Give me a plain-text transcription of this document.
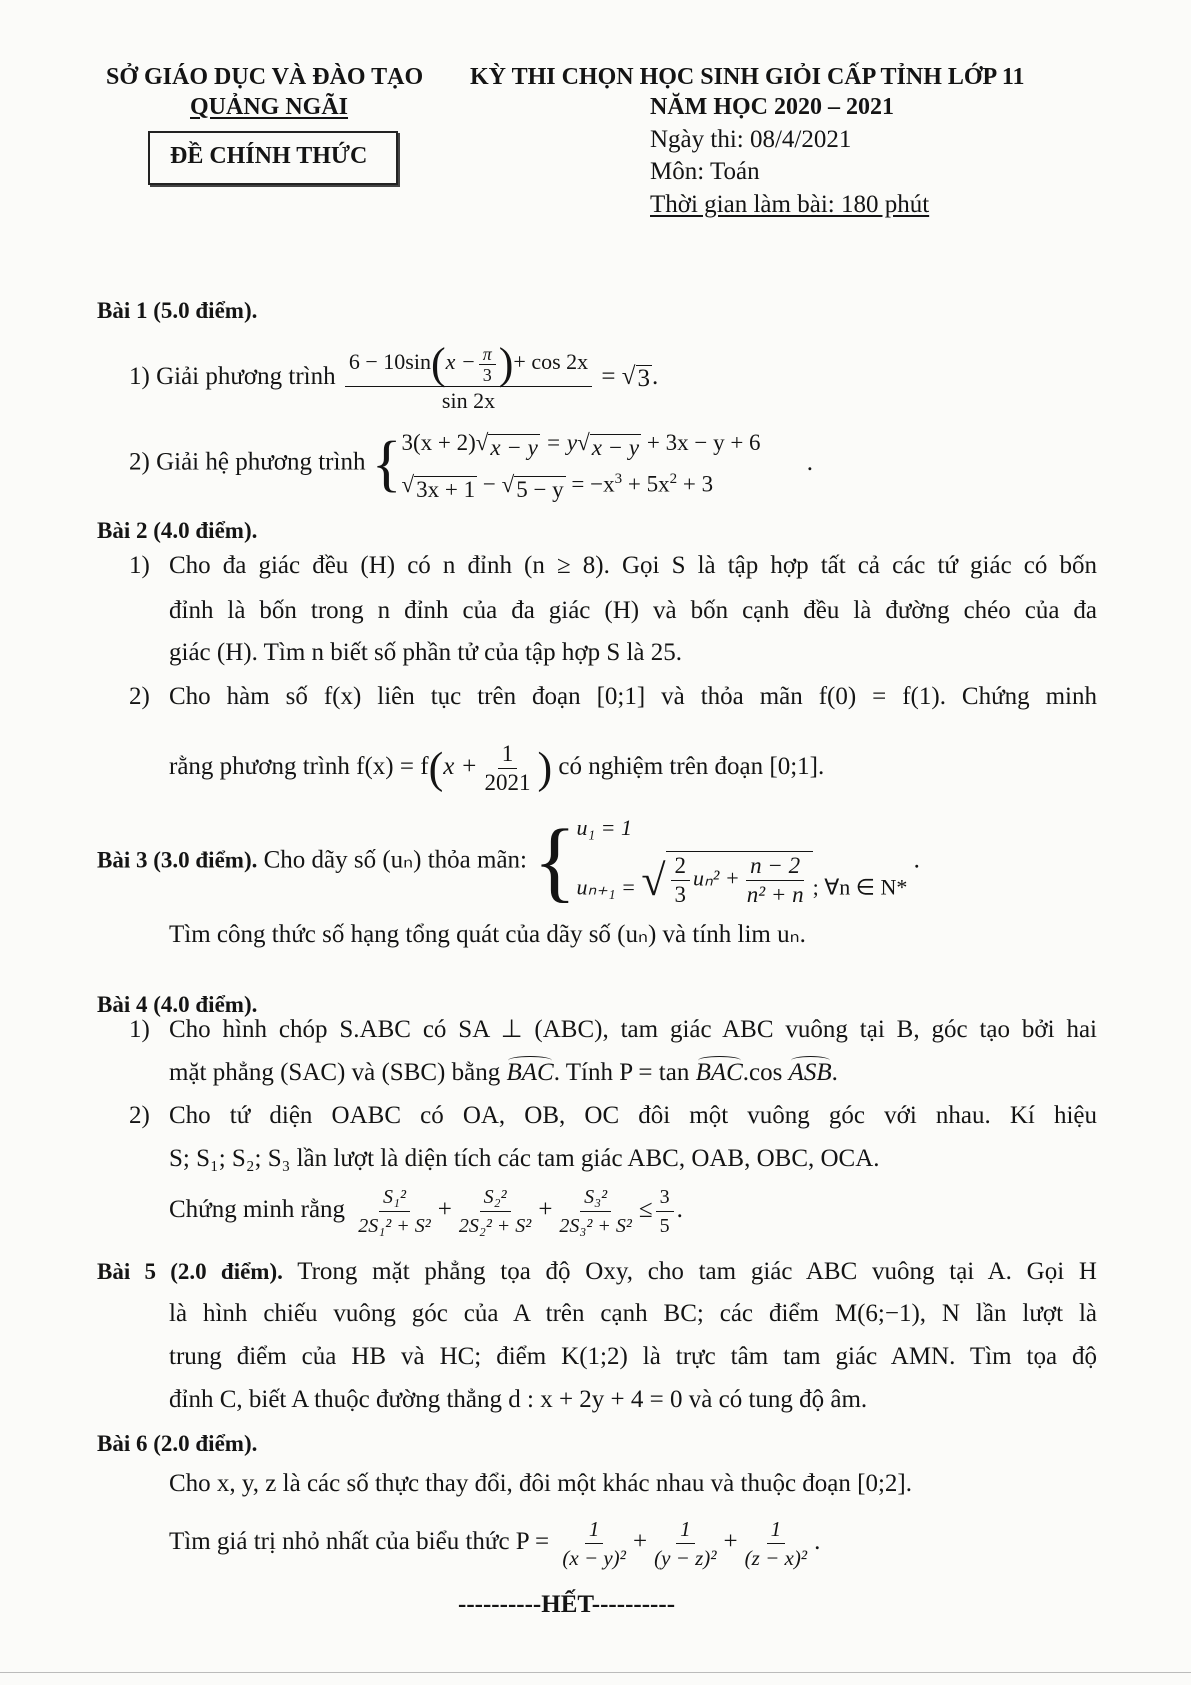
SỞ GIÁO DỤC VÀ ĐÀO TẠO
QUẢNG NGÃI
ĐỀ CHÍNH THỨC
KỲ THI CHỌN HỌC SINH GIỎI CẤP TỈNH LỚP 11
NĂM HỌC 2020 – 2021
Ngày thi: 08/4/2021
Môn: Toán
Thời gian làm bài: 180 phút
Bài 1 (5.0 điểm).
1) Giải phương trình $\frac{6 - 10\sin(x - \frac{\pi}{3} )+ \cos 2x}{\sin 2x}$ = √ 3 .
2) Giải hệ phương trình { 3(x + 2)√ x − y = y√ x − y + 3x − y + 6
√ 3x + 1 − √ $5 - y = -x^3 + 5x^2 + 3$
.
Bài 2 (4.0 điểm).
1) Cho đa giác đều (H) có n đỉnh (n ≥ 8). Gọi S là tập hợp tất cả các tứ giác có bốn
đỉnh là bốn trong n đỉnh của đa giác (H) và bốn cạnh đều là đường chéo của đa
giác (H). Tìm n biết số phần tử của tập hợp S là 25.
2) Cho hàm số f(x) liên tục trên đoạn [0;1] và thỏa mãn f(0) = f(1). Chứng minh
rằng phương trình $f(x) = f(x + \frac{1}{2021}$ ) có nghiệm trên đoạn [0;1].
Bài 3 (3.0 điểm). Cho dãy số (uₙ) thỏa mãn: { u₁ = 1
uₙ₊₁ = √ $\frac{2}{3} u_n^2 + \frac{n - 2}{\text{n² + n}}$ ; ∀n ∈ N*
.
Tìm công thức số hạng tổng quát của dãy số (uₙ) và tính lim uₙ.
Bài 4 (4.0 điểm).
1) Cho hình chóp S.ABC có SA ⊥ (ABC), tam giác ABC vuông tại B, góc tạo bởi hai
mặt phẳng (SAC) và (SBC) bằng BAC. Tính P = tan BAC.cos ASB.
2) Cho tứ diện OABC có OA, OB, OC đôi một vuông góc với nhau. Kí hiệu
S; S₁; S₂; S₃ lần lượt là diện tích các tam giác ABC, OAB, OBC, OCA.
Chứng minh rằng $\frac{\text{S₁²}}{\text{2S₁² + S²}} + \frac{\text{S₂²}}{\text{2S₂² + S²}} + \frac{\text{S₃²}}{\text{2S₃² + S²}} \le \frac{3}{5}$ .
Bài 5 (2.0 điểm). Trong mặt phẳng tọa độ Oxy, cho tam giác ABC vuông tại A. Gọi H
là hình chiếu vuông góc của A trên cạnh BC; các điểm M(6;−1), N lần lượt là
trung điểm của HB và HC; điểm K(1;2) là trực tâm tam giác AMN. Tìm tọa độ
đỉnh C, biết A thuộc đường thẳng d : x + 2y + 4 = 0 và có tung độ âm.
Bài 6 (2.0 điểm).
Cho x, y, z là các số thực thay đổi, đôi một khác nhau và thuộc đoạn [0;2].
Tìm giá trị nhỏ nhất của biểu thức $P = \frac{1}{\text{(x − y)²}} + \frac{1}{\text{(y − z)²}} + \frac{1}{\text{(z − x)²}}$ .
----------HẾT----------
